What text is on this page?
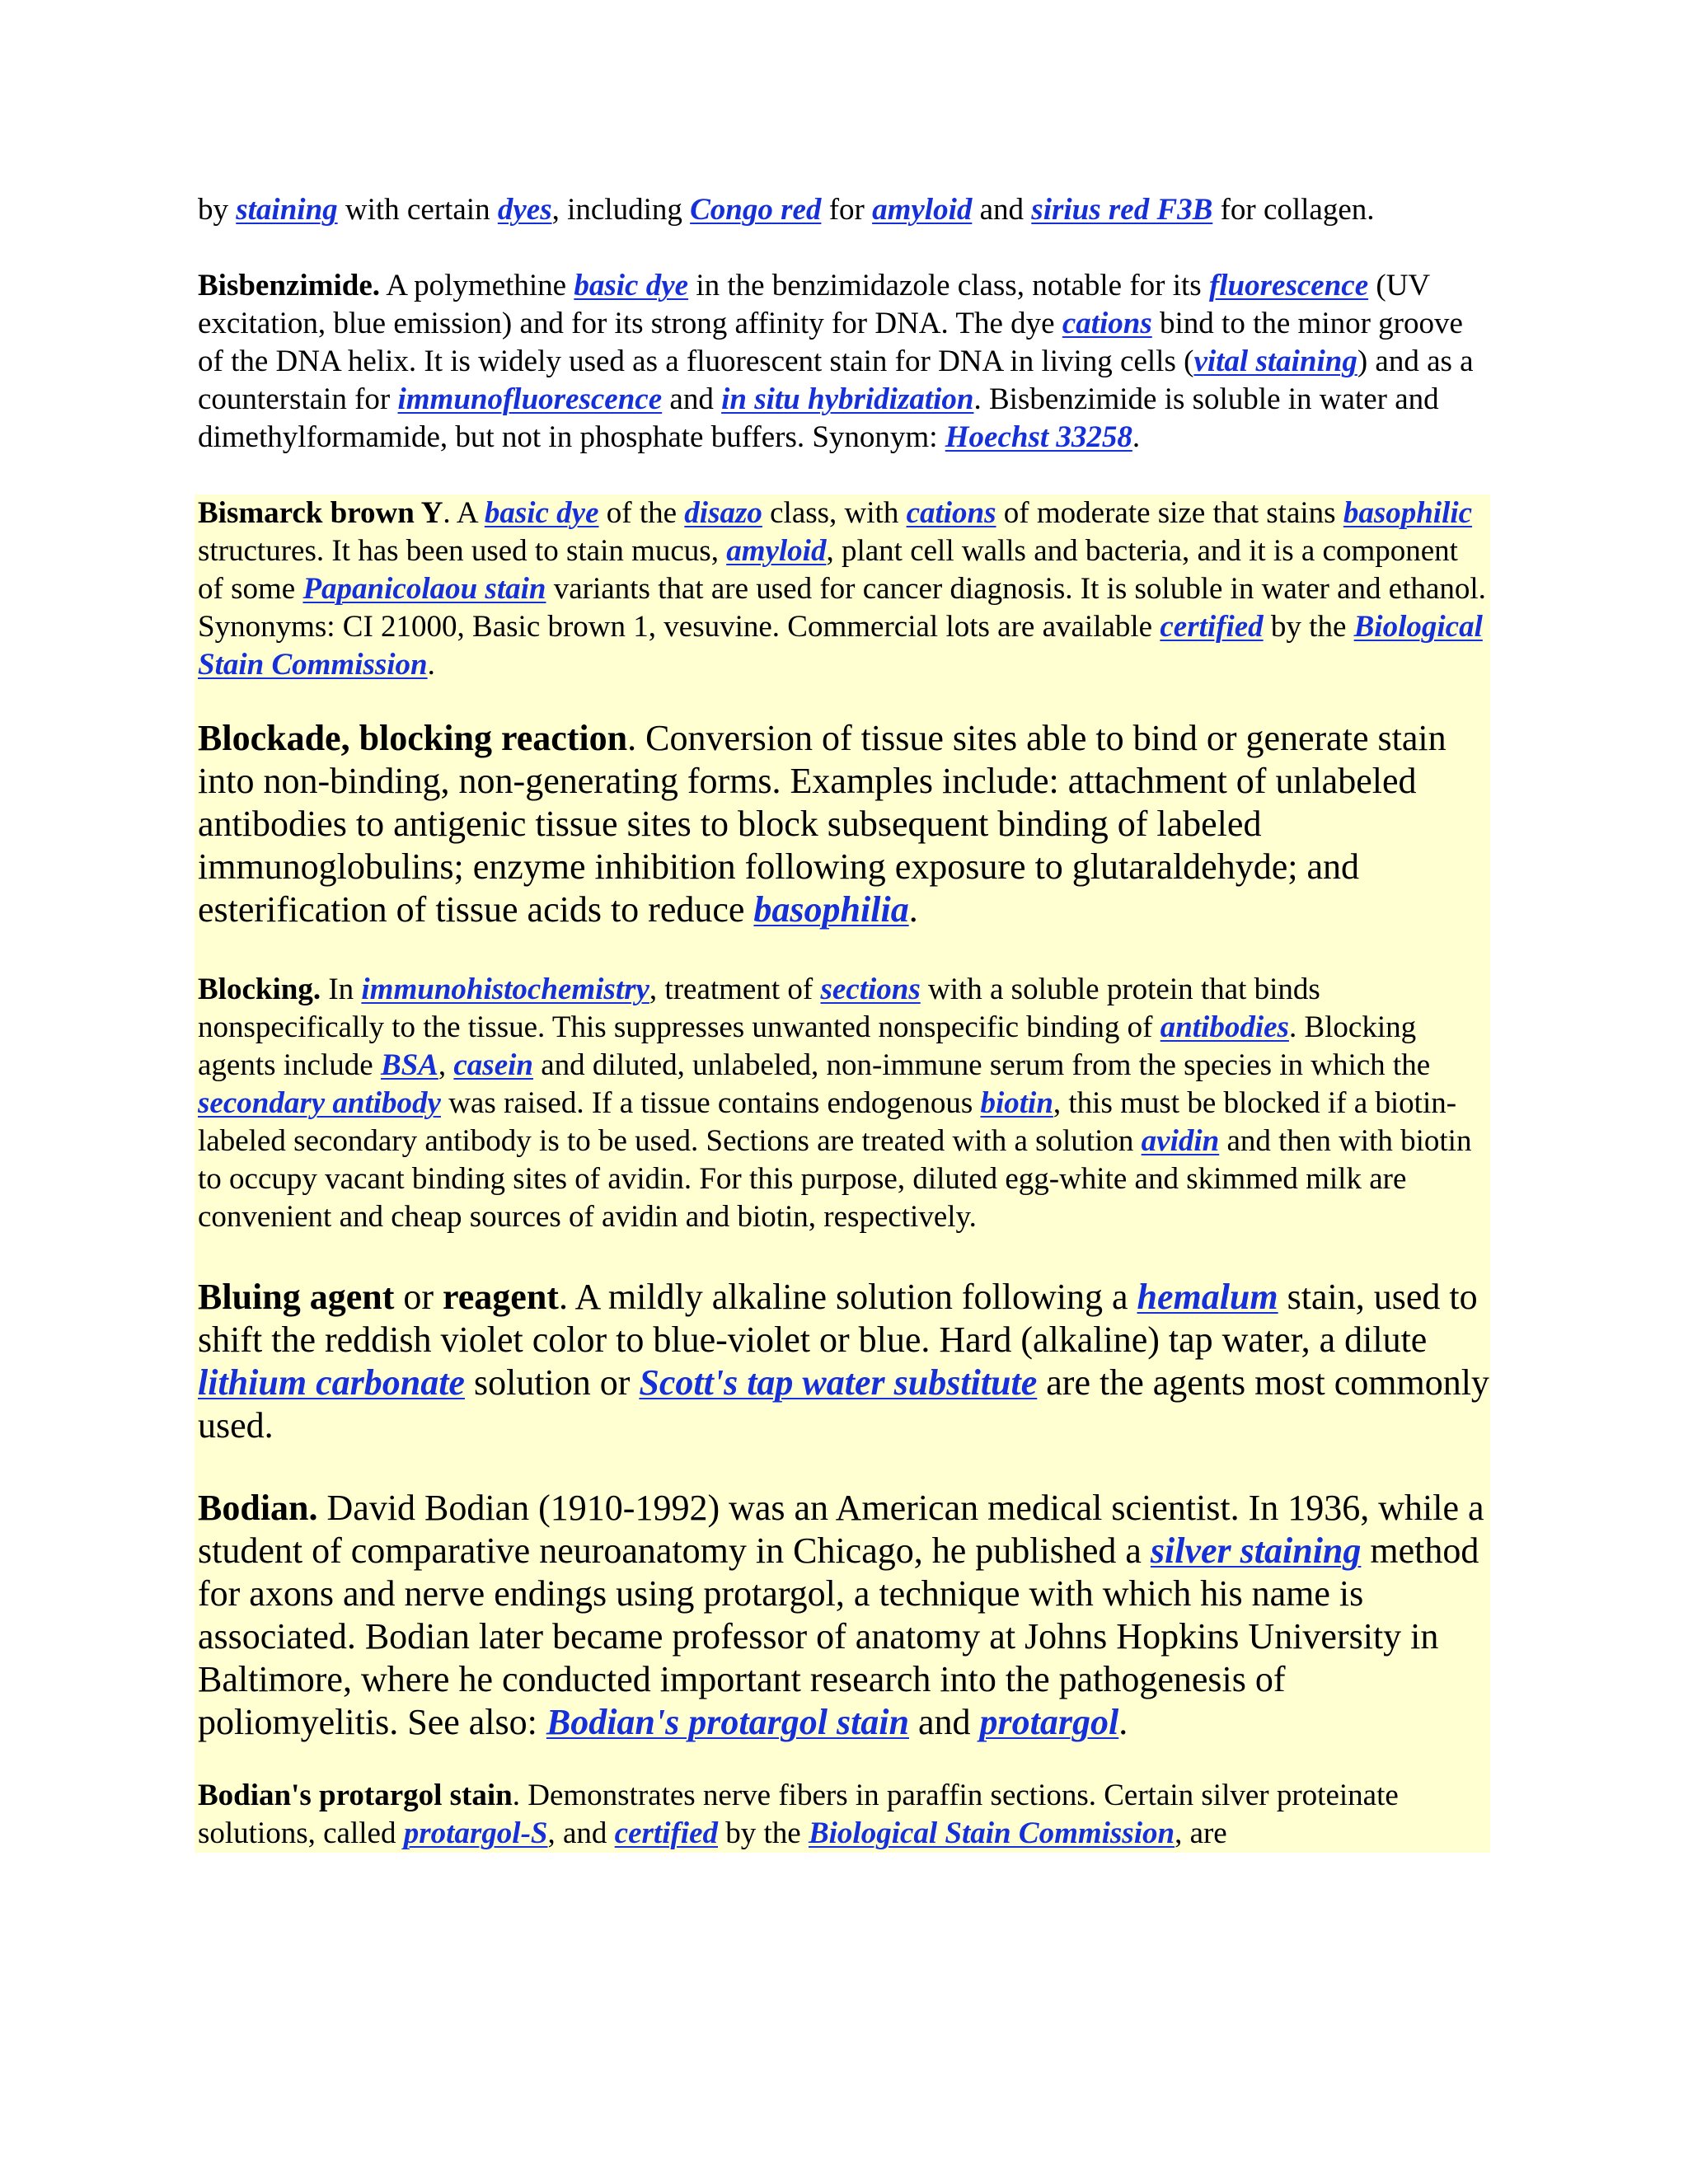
by staining with certain dyes, including Congo red for amyloid and sirius red F3B for collagen.

Bisbenzimide. A polymethine basic dye in the benzimidazole class, notable for its fluorescence (UV excitation, blue emission) and for its strong affinity for DNA. The dye cations bind to the minor groove of the DNA helix. It is widely used as a fluorescent stain for DNA in living cells (vital staining) and as a counterstain for immunofluorescence and in situ hybridization. Bisbenzimide is soluble in water and dimethylformamide, but not in phosphate buffers. Synonym: Hoechst 33258.

Bismarck brown Y. A basic dye of the disazo class, with cations of moderate size that stains basophilic structures. It has been used to stain mucus, amyloid, plant cell walls and bacteria, and it is a component of some Papanicolaou stain variants that are used for cancer diagnosis. It is soluble in water and ethanol. Synonyms: CI 21000, Basic brown 1, vesuvine. Commercial lots are available certified by the Biological Stain Commission.

Blockade, blocking reaction. Conversion of tissue sites able to bind or generate stain into non-binding, non-generating forms. Examples include: attachment of unlabeled antibodies to antigenic tissue sites to block subsequent binding of labeled immunoglobulins; enzyme inhibition following exposure to glutaraldehyde; and esterification of tissue acids to reduce basophilia.

Blocking. In immunohistochemistry, treatment of sections with a soluble protein that binds nonspecifically to the tissue. This suppresses unwanted nonspecific binding of antibodies. Blocking agents include BSA, casein and diluted, unlabeled, non-immune serum from the species in which the secondary antibody was raised. If a tissue contains endogenous biotin, this must be blocked if a biotin-labeled secondary antibody is to be used. Sections are treated with a solution avidin and then with biotin to occupy vacant binding sites of avidin. For this purpose, diluted egg-white and skimmed milk are convenient and cheap sources of avidin and biotin, respectively.

Bluing agent or reagent. A mildly alkaline solution following a hemalum stain, used to shift the reddish violet color to blue-violet or blue. Hard (alkaline) tap water, a dilute lithium carbonate solution or Scott's tap water substitute are the agents most commonly used.

Bodian. David Bodian (1910-1992) was an American medical scientist. In 1936, while a student of comparative neuroanatomy in Chicago, he published a silver staining method for axons and nerve endings using protargol, a technique with which his name is associated. Bodian later became professor of anatomy at Johns Hopkins University in Baltimore, where he conducted important research into the pathogenesis of poliomyelitis. See also: Bodian's protargol stain and protargol.

Bodian's protargol stain. Demonstrates nerve fibers in paraffin sections. Certain silver proteinate solutions, called protargol-S, and certified by the Biological Stain Commission, are
